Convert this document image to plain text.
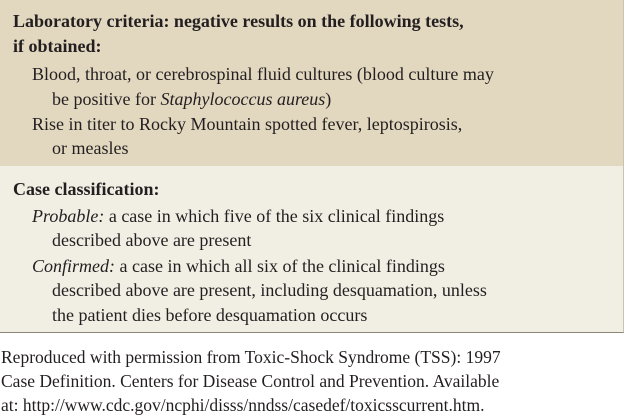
Laboratory criteria: negative results on the following tests,

if obtained:

Blood, throat, or cerebrospinal fluid cultures (blood culture may

be positive for Staphylococcus aureus)

Rise in titer to Rocky Mountain spotted fever, leptospirosis,

or measles

Case classification:

Probable: a case in which five of the six clinical findings

described above are present

Confirmed: a case in which all six of the clinical findings

described above are present, including desquamation, unless

the patient dies before desquamation occurs

Reproduced with permission from Toxic-Shock Syndrome (TSS): 1997

Case Definition. Centers for Disease Control and Prevention. Available

at: http://www.cdc.gov/ncphi/disss/nndss/casedef/toxicsscurrent.htm.
